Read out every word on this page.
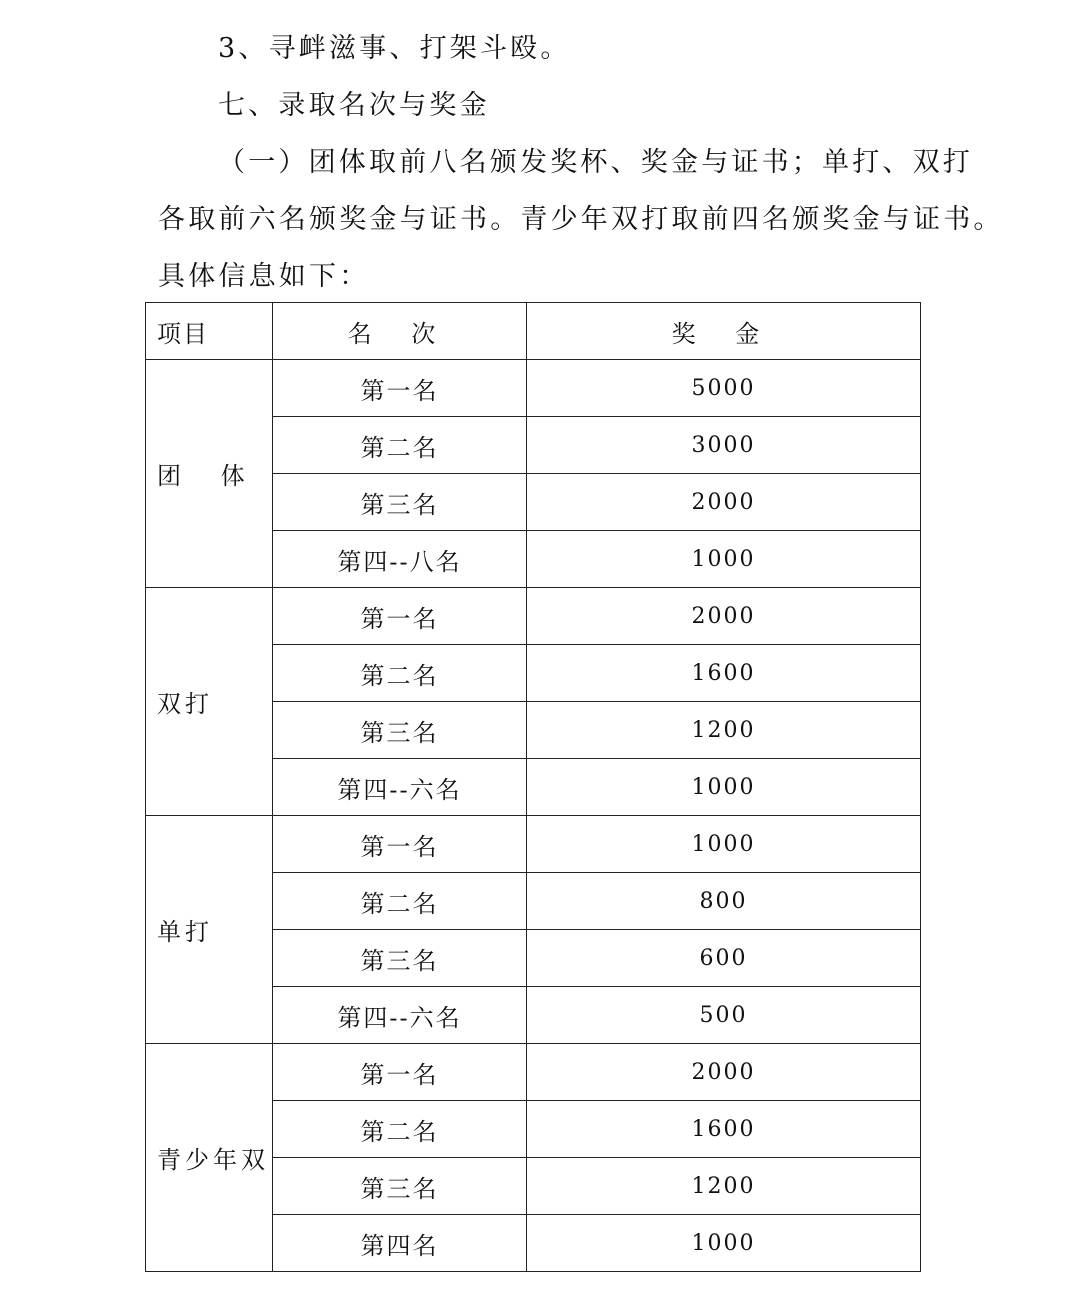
3、寻衅滋事、打架斗殴。

七、录取名次与奖金

（一）团体取前八名颁发奖杯、奖金与证书；单打、双打
各取前六名颁奖金与证书。青少年双打取前四名颁奖金与证书。
具体信息如下：

项目	名 次	奖 金
团 体	第一名	5000
	第二名	3000
	第三名	2000
	第四--八名	1000
双打	第一名	2000
	第二名	1600
	第三名	1200
	第四--六名	1000
单打	第一名	1000
	第二名	800
	第三名	600
	第四--六名	500
青少年双	第一名	2000
	第二名	1600
	第三名	1200
	第四名	1000
